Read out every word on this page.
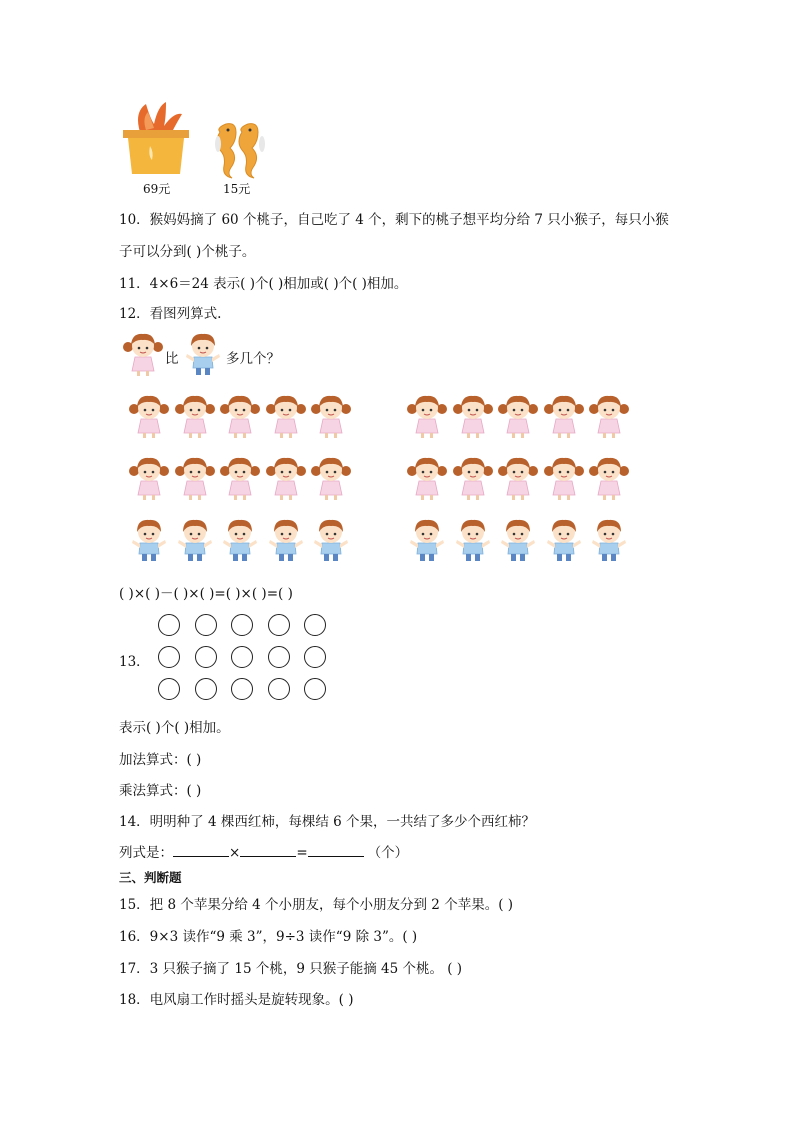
69元	15元
10．猴妈妈摘了 60 个桃子，自己吃了 4 个，剩下的桃子想平均分给 7 只小猴子，每只小猴
子可以分到( )个桃子。
11．4×6＝24 表示( )个( )相加或( )个( )相加。
12．看图列算式.
比	多几个？
( )×( )－( )×( )=( )×( )=( )
13．
表示( )个( )相加。
加法算式：( )
乘法算式：( )
14．明明种了 4 棵西红柿，每棵结 6 个果，一共结了多少个西红柿？
列式是：	×	=	（个）
三、判断题
15．把 8 个苹果分给 4 个小朋友，每个小朋友分到 2 个苹果。( )
16．9×3 读作“9 乘 3”，9÷3 读作“9 除 3”。( )
17．3 只猴子摘了 15 个桃，9 只猴子能摘 45 个桃。 ( )
18．电风扇工作时摇头是旋转现象。( )
